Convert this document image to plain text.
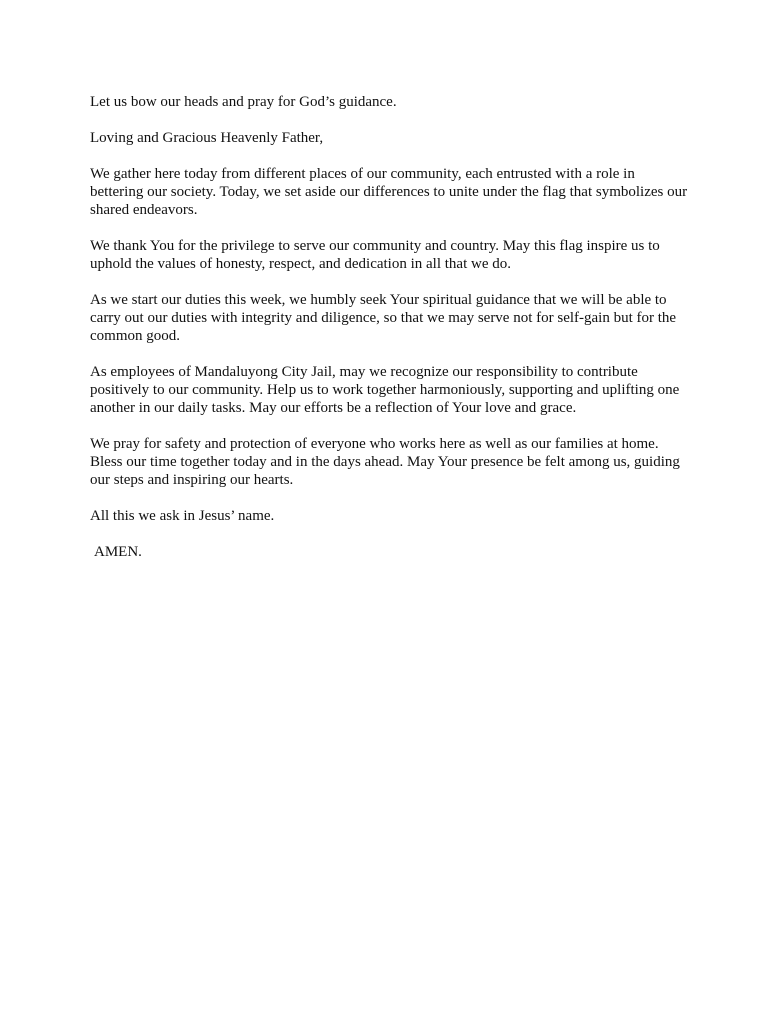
Let us bow our heads and pray for God’s guidance.

Loving and Gracious Heavenly Father,

We gather here today from different places of our community, each entrusted with a role in bettering our society. Today, we set aside our differences to unite under the flag that symbolizes our shared endeavors.

We thank You for the privilege to serve our community and country. May this flag inspire us to uphold the values of honesty, respect, and dedication in all that we do.

As we start our duties this week, we humbly seek Your spiritual guidance that we will be able to carry out our duties with integrity and diligence, so that we may serve not for self-gain but for the common good.

As employees of Mandaluyong City Jail, may we recognize our responsibility to contribute positively to our community. Help us to work together harmoniously, supporting and uplifting one another in our daily tasks. May our efforts be a reflection of Your love and grace.

We pray for safety and protection of everyone who works here as well as our families at home. Bless our time together today and in the days ahead. May Your presence be felt among us, guiding our steps and inspiring our hearts.

All this we ask in Jesus’ name.

AMEN.
